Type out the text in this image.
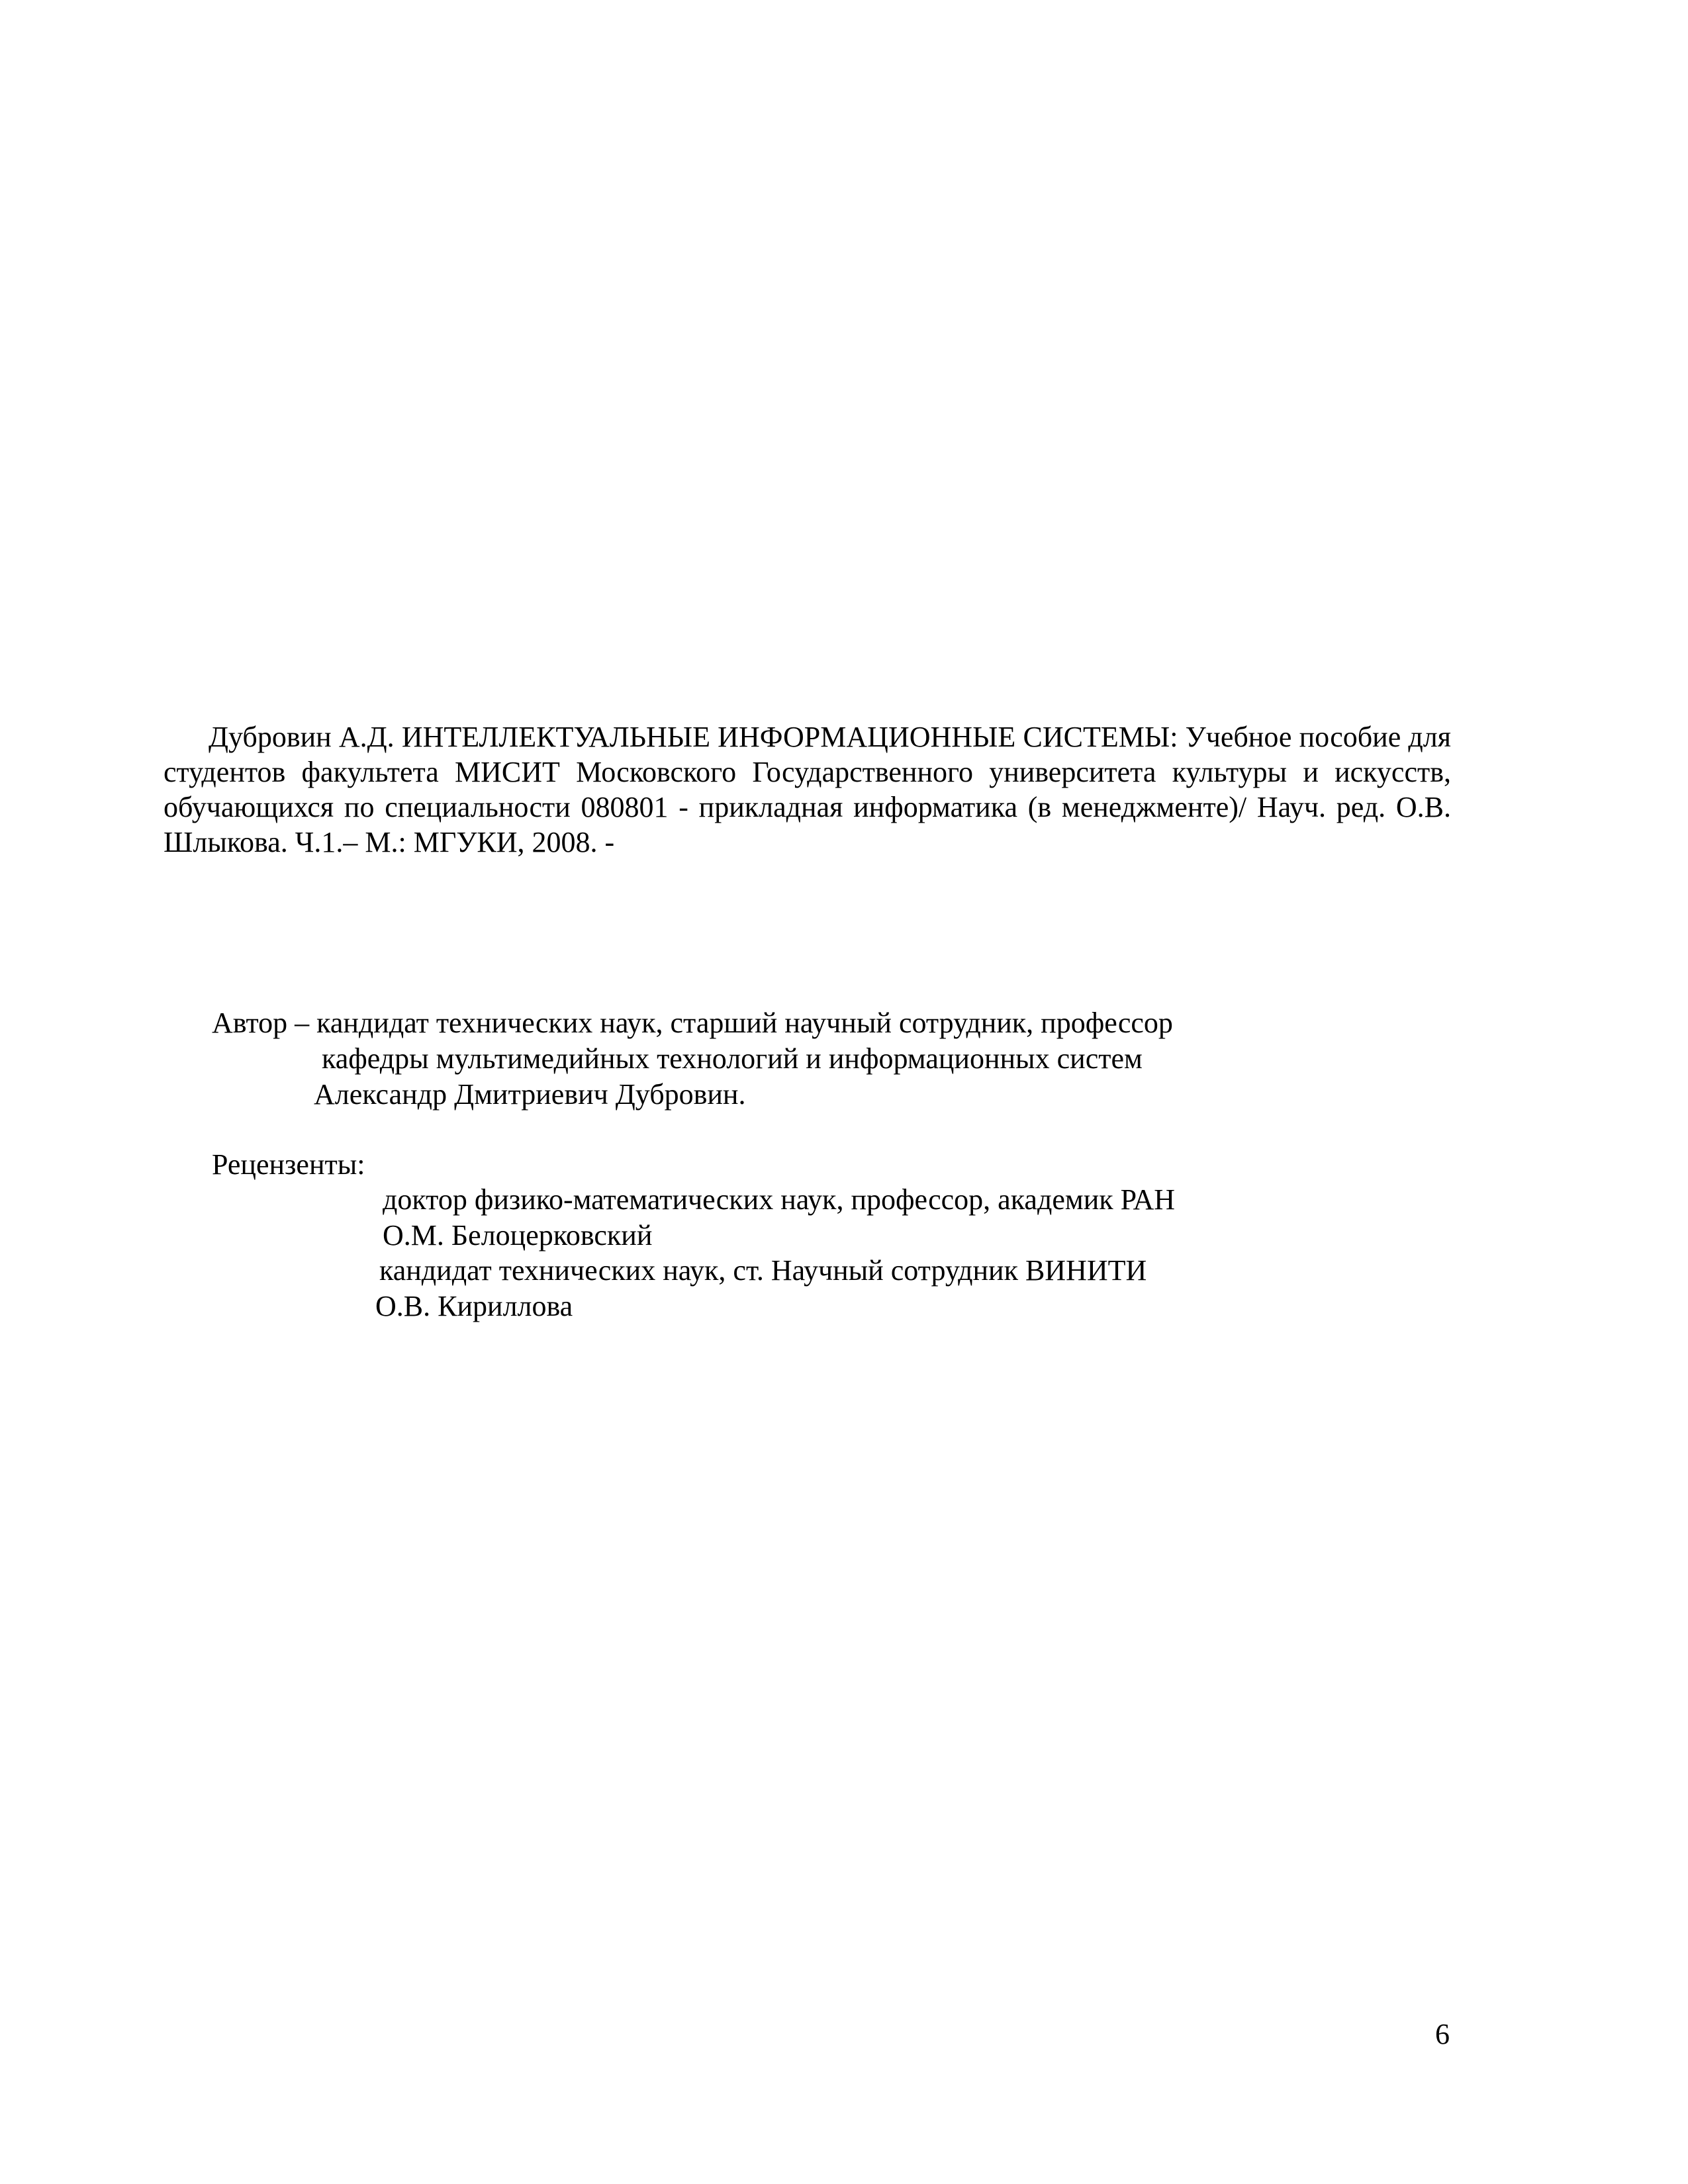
Дубровин А.Д. ИНТЕЛЛЕКТУАЛЬНЫЕ ИНФОРМАЦИОННЫЕ СИСТЕМЫ: Учебное пособие для студентов факультета МИСИТ Московского Государственного университета культуры и искусств, обучающихся по специальности 080801 - прикладная информатика (в менеджменте)/ Науч. ред. О.В. Шлыкова. Ч.1.– М.: МГУКИ, 2008. -

Автор – кандидат технических наук, старший научный сотрудник, профессор
кафедры мультимедийных технологий и информационных систем
Александр Дмитриевич Дубровин.
Рецензенты:
доктор физико-математических наук, профессор, академик РАН
О.М. Белоцерковский
кандидат технических наук, ст. Научный сотрудник ВИНИТИ
О.В. Кириллова
6
